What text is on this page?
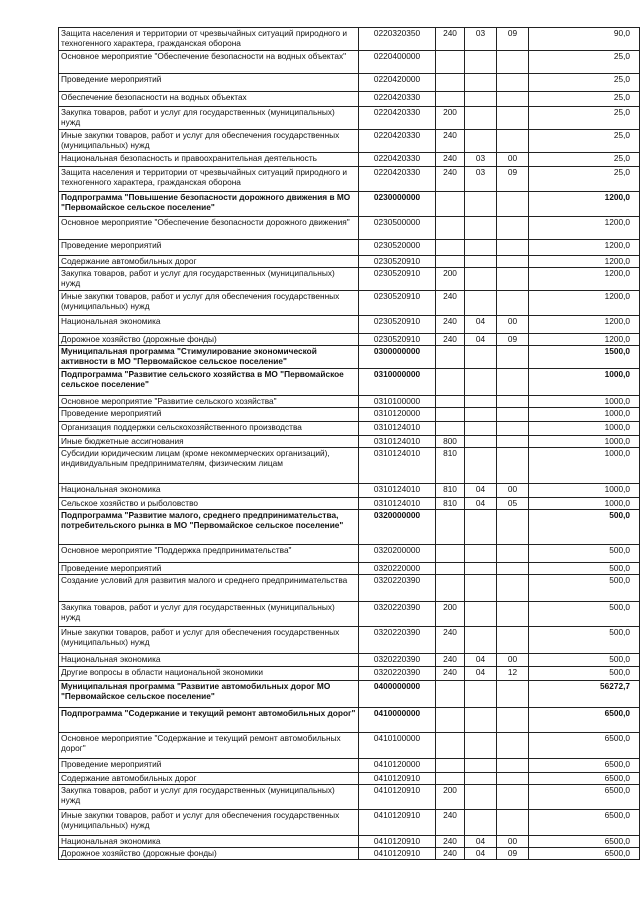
Защита населения и территории от чрезвычайных ситуаций природного и техногенного характера, гражданская оборона	0220320350	240	03	09	90,0
Основное мероприятие "Обеспечение безопасности на водных объектах"	0220400000				25,0
Проведение мероприятий	0220420000				25,0
Обеспечение безопасности на водных объектах	0220420330				25,0
Закупка товаров, работ и услуг для государственных (муниципальных) нужд	0220420330	200			25,0
Иные закупки товаров, работ и услуг для обеспечения государственных (муниципальных) нужд	0220420330	240			25,0
Национальная безопасность и правоохранительная деятельность	0220420330	240	03	00	25,0
Защита населения и территории от чрезвычайных ситуаций природного и техногенного характера, гражданская оборона	0220420330	240	03	09	25,0
Подпрограмма "Повышение безопасности дорожного движения в МО "Первомайское сельское поселение"	0230000000				1200,0
Основное мероприятие "Обеспечение безопасности дорожного движения"	0230500000				1200,0
Проведение мероприятий	0230520000				1200,0
Содержание автомобильных дорог	0230520910				1200,0
Закупка товаров, работ и услуг для государственных (муниципальных) нужд	0230520910	200			1200,0
Иные закупки товаров, работ и услуг для обеспечения государственных (муниципальных) нужд	0230520910	240			1200,0
Национальная экономика	0230520910	240	04	00	1200,0
Дорожное хозяйство (дорожные фонды)	0230520910	240	04	09	1200,0
Муниципальная программа "Стимулирование экономической активности в МО "Первомайское сельское поселение"	0300000000				1500,0
Подпрограмма "Развитие сельского хозяйства в МО "Первомайское сельское поселение"	0310000000				1000,0
Основное мероприятие "Развитие сельского хозяйства"	0310100000				1000,0
Проведение мероприятий	0310120000				1000,0
Организация поддержки сельскохозяйственного производства	0310124010				1000,0
Иные бюджетные ассигнования	0310124010	800			1000,0
Субсидии юридическим лицам (кроме некоммерческих организаций), индивидуальным предпринимателям, физическим лицам	0310124010	810			1000,0
Национальная экономика	0310124010	810	04	00	1000,0
Сельское хозяйство и рыболовство	0310124010	810	04	05	1000,0
Подпрограмма "Развитие малого, среднего предпринимательства, потребительского рынка в МО "Первомайское сельское поселение"	0320000000				500,0
Основное мероприятие "Поддержка предпринимательства"	0320200000				500,0
Проведение мероприятий	0320220000				500,0
Создание условий для развития малого и среднего предпринимательства	0320220390				500,0
Закупка товаров, работ и услуг для государственных (муниципальных) нужд	0320220390	200			500,0
Иные закупки товаров, работ и услуг для обеспечения государственных (муниципальных) нужд	0320220390	240			500,0
Национальная экономика	0320220390	240	04	00	500,0
Другие вопросы в области национальной экономики	0320220390	240	04	12	500,0
Муниципальная программа "Развитие автомобильных дорог МО "Первомайское сельское поселение"	0400000000				56272,7
Подпрограмма "Содержание и текущий ремонт автомобильных дорог"	0410000000				6500,0
Основное мероприятие "Содержание и текущий ремонт автомобильных дорог"	0410100000				6500,0
Проведение мероприятий	0410120000				6500,0
Содержание автомобильных дорог	0410120910				6500,0
Закупка товаров, работ и услуг для государственных (муниципальных) нужд	0410120910	200			6500,0
Иные закупки товаров, работ и услуг для обеспечения государственных (муниципальных) нужд	0410120910	240			6500,0
Национальная экономика	0410120910	240	04	00	6500,0
Дорожное хозяйство (дорожные фонды)	0410120910	240	04	09	6500,0
